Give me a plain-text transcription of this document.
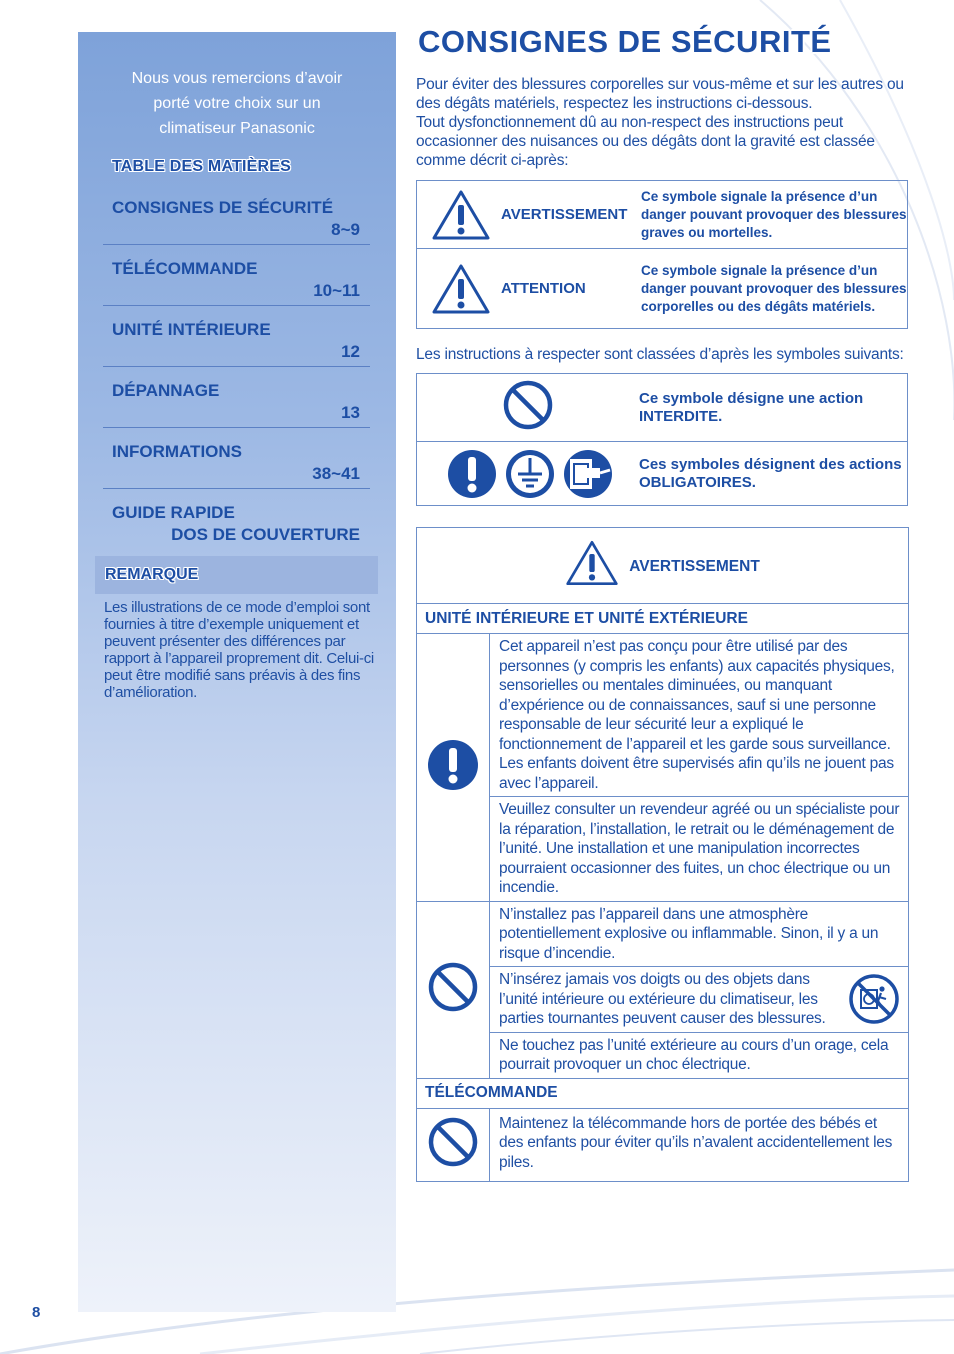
Nous vous remercions d’avoir
porté votre choix sur un
climatiseur Panasonic
TABLE DES MATIÈRES
CONSIGNES DE SÉCURITÉ
8~9
TÉLÉCOMMANDE
10~11
UNITÉ INTÉRIEURE
12
DÉPANNAGE
13
INFORMATIONS
38~41
GUIDE RAPIDE
DOS DE COUVERTURE
REMARQUE
Les illustrations de ce mode d’emploi sont fournies à titre d’exemple uniquement et peuvent présenter des différences par rapport à l’appareil proprement dit. Celui-ci peut être modifié sans préavis à des fins d’amélioration.
8
CONSIGNES DE SÉCURITÉ
Pour éviter des blessures corporelles sur vous-même et sur les autres ou des dégâts matériels, respectez les instructions ci-dessous.
Tout dysfonctionnement dû au non-respect des instructions peut occasionner des nuisances ou des dégâts dont la gravité est classée comme décrit ci-après:
AVERTISSEMENT	Ce symbole signale la présence d’un danger pouvant provoquer des blessures graves ou mortelles.

ATTENTION	Ce symbole signale la présence d’un danger pouvant provoquer des blessures corporelles ou des dégâts matériels.
Les instructions à respecter sont classées d’après les symboles suivants:
	Ce symbole désigne une action INTERDITE.

	Ces symboles désignent des actions OBLIGATOIRES.
AVERTISSEMENT	

UNITÉ INTÉRIEURE ET UNITÉ EXTÉRIEURE	
	Cet appareil n’est pas conçu pour être utilisé par des personnes (y compris les enfants) aux capacités physiques, sensorielles ou mentales diminuées, ou manquant d’expérience ou de connaissances, sauf si une personne responsable de leur sécurité leur a expliqué le fonctionnement de l’appareil et les garde sous surveillance. Les enfants doivent être supervisés afin qu’ils ne jouent pas avec l’appareil.
	Veuillez consulter un revendeur agréé ou un spécialiste pour la réparation, l’installation, le retrait ou le déménagement de l’unité. Une installation et une manipulation incorrectes pourraient occasionner des fuites, un choc électrique ou un incendie.
	N’installez pas l’appareil dans une atmosphère potentiellement explosive ou inflammable. Sinon, il y a un risque d’incendie.

	N’insérez jamais vos doigts ou des objets dans l’unité intérieure ou extérieure du climatiseur, les parties tournantes peuvent causer des blessures.

	Ne touchez pas l’unité extérieure au cours d’un orage, cela pourrait provoquer un choc électrique.
TÉLÉCOMMANDE	
	Maintenez la télécommande hors de portée des bébés et des enfants pour éviter qu’ils n’avalent accidentellement les piles.
